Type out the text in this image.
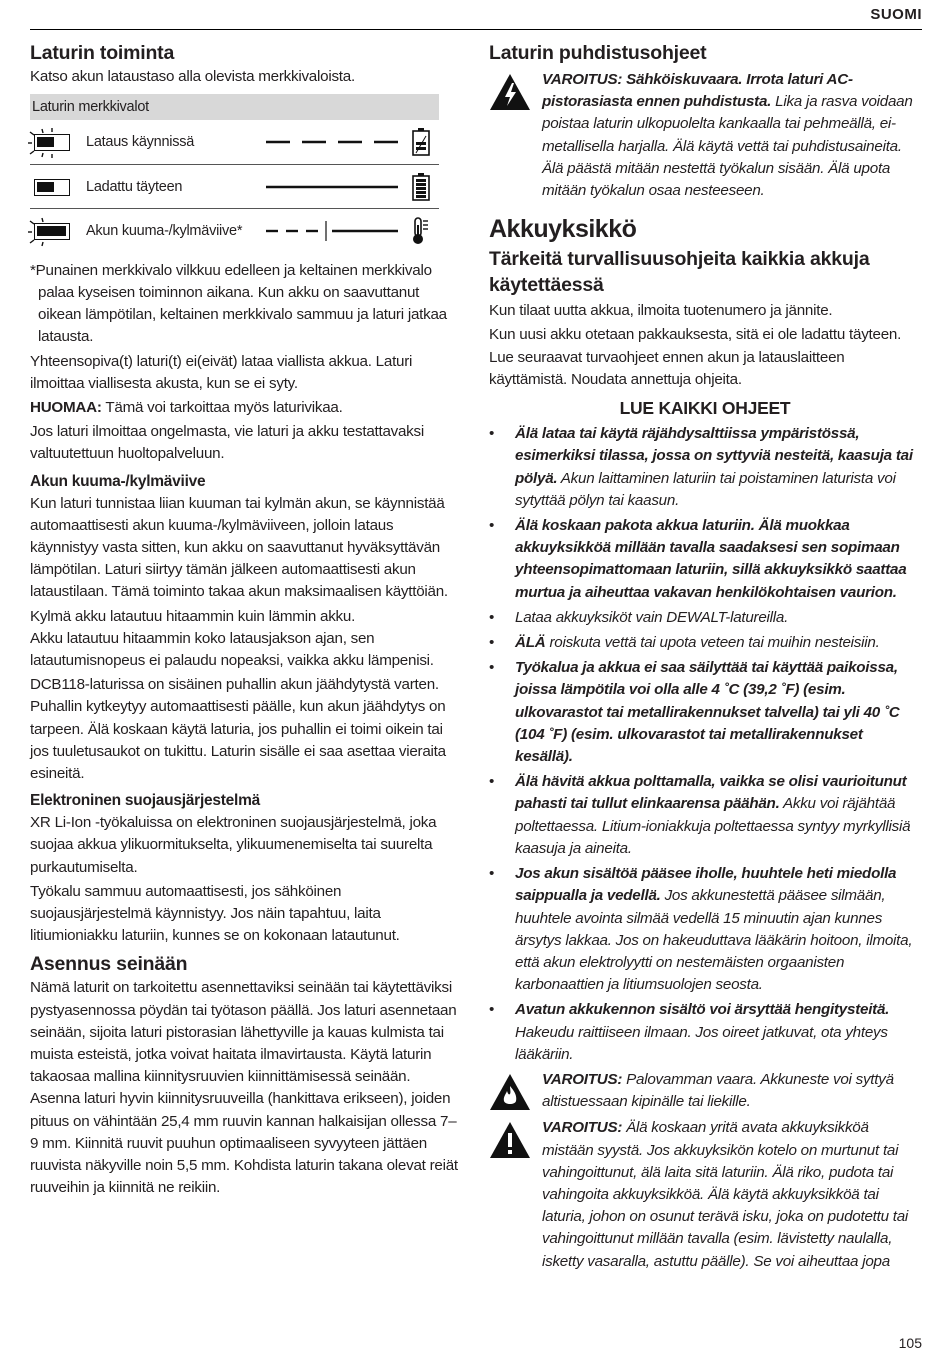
SUOMI
Laturin toiminta

Katso akun lataustaso alla olevista merkkivaloista.

Laturin merkkivalot
Lataus käynnissä
Ladattu täyteen
Akun kuuma-/kylmäviive*

*Punainen merkkivalo vilkkuu edelleen ja keltainen merkkivalo palaa kyseisen toiminnon aikana. Kun akku on saavuttanut oikean lämpötilan, keltainen merkkivalo sammuu ja laturi jatkaa latausta.

Yhteensopiva(t) laturi(t) ei(eivät) lataa viallista akkua. Laturi ilmoittaa viallisesta akusta, kun se ei syty.

HUOMAA: Tämä voi tarkoittaa myös laturivikaa.

Jos laturi ilmoittaa ongelmasta, vie laturi ja akku testattavaksi valtuutettuun huoltopalveluun.

Akun kuuma-/kylmäviive

Kun laturi tunnistaa liian kuuman tai kylmän akun, se käynnistää automaattisesti akun kuuma-/kylmäviiveen, jolloin lataus käynnistyy vasta sitten, kun akku on saavuttanut hyväksyttävän lämpötilan. Laturi siirtyy tämän jälkeen automaattisesti akun lataustilaan. Tämä toiminto takaa akun maksimaalisen käyttöiän.

Kylmä akku latautuu hitaammin kuin lämmin akku.

Akku latautuu hitaammin koko latausjakson ajan, sen latautumisnopeus ei palaudu nopeaksi, vaikka akku lämpenisi.

DCB118-laturissa on sisäinen puhallin akun jäähdytystä varten. Puhallin kytkeytyy automaattisesti päälle, kun akun jäähdytys on tarpeen. Älä koskaan käytä laturia, jos puhallin ei toimi oikein tai jos tuuletusaukot on tukittu. Laturin sisälle ei saa asettaa vieraita esineitä.

Elektroninen suojausjärjestelmä

XR Li-Ion -työkaluissa on elektroninen suojausjärjestelmä, joka suojaa akkua ylikuormitukselta, ylikuumenemiselta tai suurelta purkautumiselta.

Työkalu sammuu automaattisesti, jos sähköinen suojausjärjestelmä käynnistyy. Jos näin tapahtuu, laita litiumioniakku laturiin, kunnes se on kokonaan latautunut.

Asennus seinään

Nämä laturit on tarkoitettu asennettaviksi seinään tai käytettäviksi pystyasennossa pöydän tai työtason päällä. Jos laturi asennetaan seinään, sijoita laturi pistorasian lähettyville ja kauas kulmista tai muista esteistä, jotka voivat haitata ilmavirtausta. Käytä laturin takaosaa mallina kiinnitysruuvien kiinnittämisessä seinään. Asenna laturi hyvin kiinnitysruuveilla (hankittava erikseen), joiden pituus on vähintään 25,4 mm ruuvin kannan halkaisijan ollessa 7–9 mm. Kiinnitä ruuvit puuhun optimaaliseen syvyyteen jättäen ruuvista näkyville noin 5,5 mm. Kohdista laturin takana olevat reiät ruuveihin ja kiinnitä ne reikiin.

Laturin puhdistusohjeet
VAROITUS: Sähköiskuvaara. Irrota laturi AC-pistorasiasta ennen puhdistusta. Lika ja rasva voidaan poistaa laturin ulkopuolelta kankaalla tai pehmeällä, ei- metallisella harjalla. Älä käytä vettä tai puhdistusaineita. Älä päästä mitään nestettä työkalun sisään. Älä upota mitään työkalun osaa nesteeseen.
Akkuyksikkö
Tärkeitä turvallisuusohjeita kaikkia akkuja käytettäessä

Kun tilaat uutta akkua, ilmoita tuotenumero ja jännite.

Kun uusi akku otetaan pakkauksesta, sitä ei ole ladattu täyteen. Lue seuraavat turvaohjeet ennen akun ja latauslaitteen käyttämistä. Noudata annettuja ohjeita.

LUE KAIKKI OHJEET
• Älä lataa tai käytä räjähdysalttiissa ympäristössä, esimerkiksi tilassa, jossa on syttyviä nesteitä, kaasuja tai pölyä. Akun laittaminen laturiin tai poistaminen laturista voi sytyttää pölyn tai kaasun.
• Älä koskaan pakota akkua laturiin. Älä muokkaa akkuyksikköä millään tavalla saadaksesi sen sopimaan yhteensopimattomaan laturiin, sillä akkuyksikkö saattaa murtua ja aiheuttaa vakavan henkilökohtaisen vaurion.
• Lataa akkuyksiköt vain DEWALT-latureilla.
• ÄLÄ roiskuta vettä tai upota veteen tai muihin nesteisiin.
• Työkalua ja akkua ei saa säilyttää tai käyttää paikoissa, joissa lämpötila voi olla alle 4 ˚C (39,2 ˚F) (esim. ulkovarastot tai metallirakennukset talvella) tai yli 40 ˚C (104 ˚F) (esim. ulkovarastot tai metallirakennukset kesällä).
• Älä hävitä akkua polttamalla, vaikka se olisi vaurioitunut pahasti tai tullut elinkaarensa päähän. Akku voi räjähtää poltettaessa. Litium-ioniakkuja poltettaessa syntyy myrkyllisiä kaasuja ja aineita.
• Jos akun sisältöä pääsee iholle, huuhtele heti miedolla saippualla ja vedellä. Jos akkunestettä pääsee silmään, huuhtele avointa silmää vedellä 15 minuutin ajan kunnes ärsytys lakkaa. Jos on hakeuduttava lääkärin hoitoon, ilmoita, että akun elektrolyytti on nestemäisten orgaanisten karbonaattien ja litiumsuolojen seosta.
• Avatun akkukennon sisältö voi ärsyttää hengitysteitä. Hakeudu raittiiseen ilmaan. Jos oireet jatkuvat, ota yhteys lääkäriin.
VAROITUS: Palovamman vaara. Akkuneste voi syttyä altistuessaan kipinälle tai liekille.
VAROITUS: Älä koskaan yritä avata akkuyksikköä mistään syystä. Jos akkuyksikön kotelo on murtunut tai vahingoittunut, älä laita sitä laturiin. Älä riko, pudota tai vahingoita akkuyksikköä. Älä käytä akkuyksikköä tai laturia, johon on osunut terävä isku, joka on pudotettu tai vahingoittunut millään tavalla (esim. lävistetty naulalla, isketty vasaralla, astuttu päälle). Se voi aiheuttaa jopa
105
